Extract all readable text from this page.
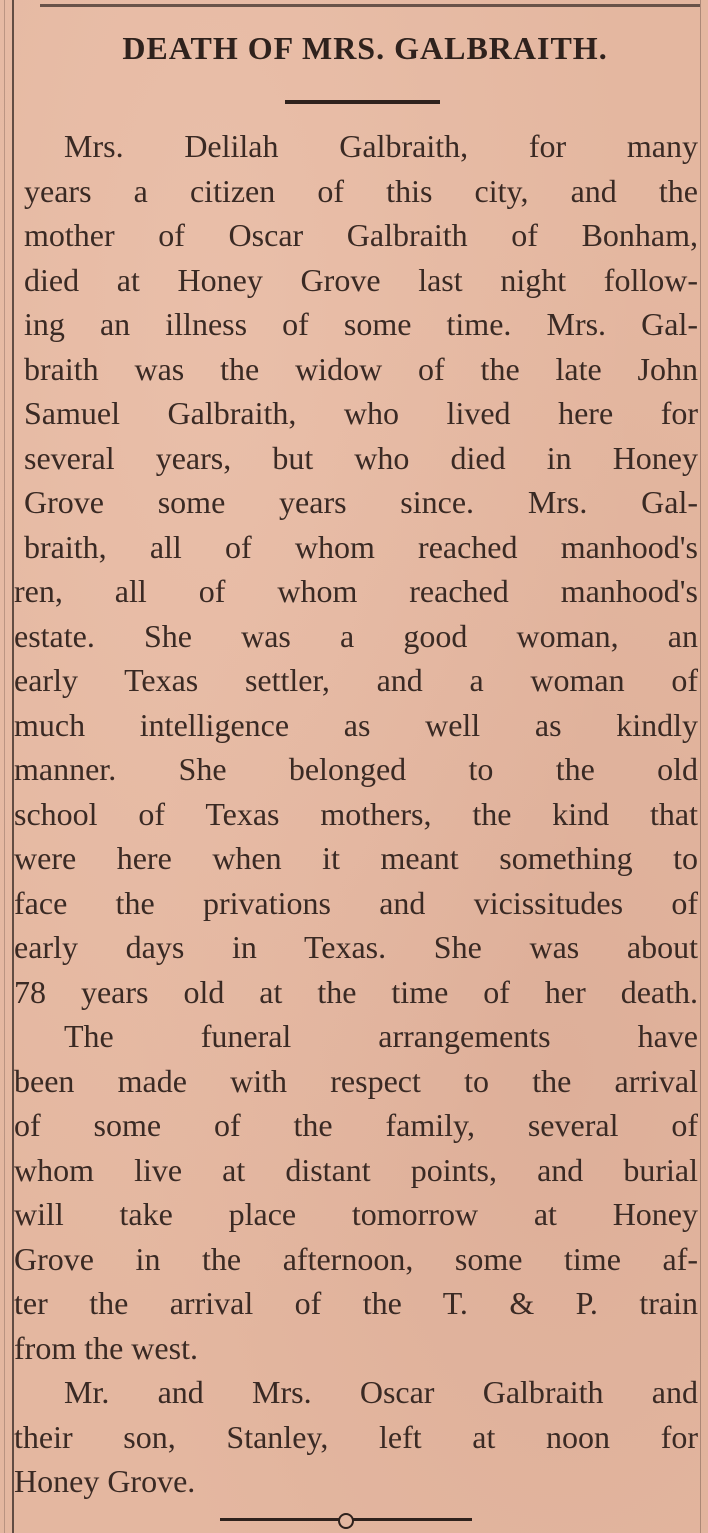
DEATH OF MRS. GALBRAITH.
Mrs. Delilah Galbraith, for many
years a citizen of this city, and the
mother of Oscar Galbraith of Bonham,
died at Honey Grove last night follow-
ing an illness of some time. Mrs. Gal-
braith was the widow of the late John
Samuel Galbraith, who lived here for
several years, but who died in Honey
Grove some years since. Mrs. Gal-
braith, all of whom reached manhood's
ren, all of whom reached manhood's
estate. She was a good woman, an
early Texas settler, and a woman of
much intelligence as well as kindly
manner. She belonged to the old
school of Texas mothers, the kind that
were here when it meant something to
face the privations and vicissitudes of
early days in Texas. She was about
78 years old at the time of her death.
The funeral arrangements have
been made with respect to the arrival
of some of the family, several of
whom live at distant points, and burial
will take place tomorrow at Honey
Grove in the afternoon, some time af-
ter the arrival of the T. & P. train
from the west.
Mr. and Mrs. Oscar Galbraith and
their son, Stanley, left at noon for
Honey Grove.
